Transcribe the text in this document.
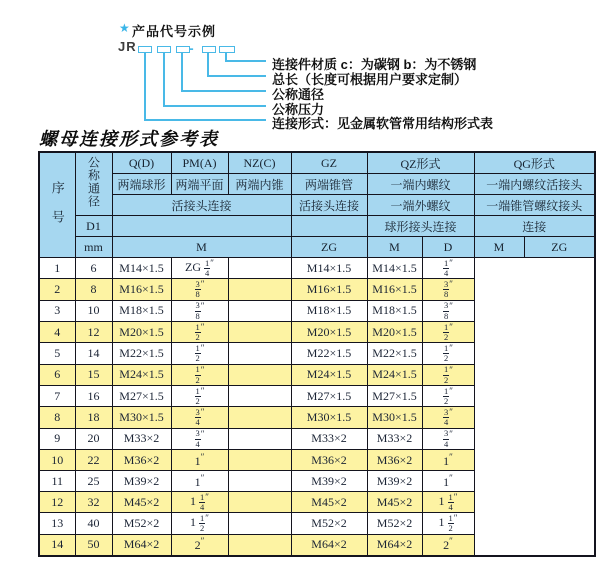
★ 产品代号示例
JR	-
连接件材质 c：为碳钢 b：为不锈钢
总长（长度可根据用户要求定制）
公称通径
公称压力
连接形式：见金属软管常用结构形式表
螺母连接形式参考表
序号	公称通径	Q(D)	PM(A)	NZ(C)	GZ	QZ形式		QG形式	
		两端球形	两端平面	两端内锥	两端锥管	一端内螺纹		一端内螺纹活接头	
		活接头连接			活接头连接	一端外螺纹		一端锥管螺纹接头	
	D1					球形接头连接		连接	
	mm	M			ZG	M	D	M	ZG
1	6	M14×1.5	ZG $\frac{1}{4} ''$		M14×1.5	M14×1.5	$\frac{1}{4} ''$
2	8	M16×1.5	$\frac{3}{8} ''$		M16×1.5	M16×1.5	$\frac{3}{8} ''$
3	10	M18×1.5	$\frac{3}{8} ''$		M18×1.5	M18×1.5	$\frac{3}{8} ''$
4	12	M20×1.5	$\frac{1}{2} ''$		M20×1.5	M20×1.5	$\frac{1}{2} ''$
5	14	M22×1.5	$\frac{1}{2} ''$		M22×1.5	M22×1.5	$\frac{1}{2} ''$
6	15	M24×1.5	$\frac{1}{2} ''$		M24×1.5	M24×1.5	$\frac{1}{2} ''$
7	16	M27×1.5	$\frac{1}{2} ''$		M27×1.5	M27×1.5	$\frac{1}{2} ''$
8	18	M30×1.5	$\frac{3}{4} ''$		M30×1.5	M30×1.5	$\frac{3}{4} ''$
9	20	M33×2	$\frac{3}{4} ''$		M33×2	M33×2	$\frac{3}{4} ''$
10	22	M36×2	1″		M36×2	M36×2	1″
11	25	M39×2	1″		M39×2	M39×2	1″
12	32	M45×2	$1 \frac{1}{4} ''$		M45×2	M45×2	$1 \frac{1}{4} ''$
13	40	M52×2	$1 \frac{1}{2} ''$		M52×2	M52×2	$1 \frac{1}{2} ''$
14	50	M64×2	2″		M64×2	M64×2	2″
